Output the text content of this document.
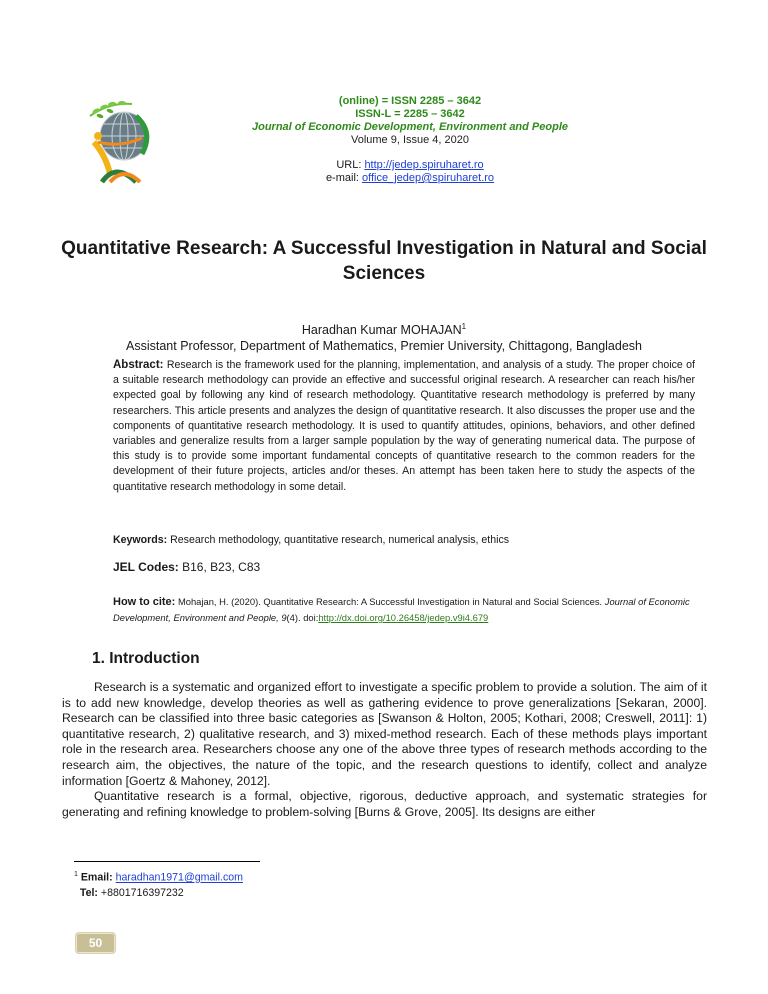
(online) = ISSN 2285 – 3642
ISSN-L = 2285 – 3642
Journal of Economic Development, Environment and People
Volume 9, Issue 4, 2020
URL: http://jedep.spiruharet.ro
e-mail: office_jedep@spiruharet.ro
Quantitative Research: A Successful Investigation in Natural and Social Sciences
Haradhan Kumar MOHAJAN$^1$
Assistant Professor, Department of Mathematics, Premier University, Chittagong, Bangladesh
Abstract: Research is the framework used for the planning, implementation, and analysis of a study. The proper choice of a suitable research methodology can provide an effective and successful original research. A researcher can reach his/her expected goal by following any kind of research methodology. Quantitative research methodology is preferred by many researchers. This article presents and analyzes the design of quantitative research. It also discusses the proper use and the components of quantitative research methodology. It is used to quantify attitudes, opinions, behaviors, and other defined variables and generalize results from a larger sample population by the way of generating numerical data. The purpose of this study is to provide some important fundamental concepts of quantitative research to the common readers for the development of their future projects, articles and/or theses. An attempt has been taken here to study the aspects of the quantitative research methodology in some detail.
Keywords: Research methodology, quantitative research, numerical analysis, ethics
JEL Codes: B16, B23, C83
How to cite: Mohajan, H. (2020). Quantitative Research: A Successful Investigation in Natural and Social Sciences. Journal of Economic Development, Environment and People, 9(4). doi:http://dx.doi.org/10.26458/jedep.v9i4.679
1. Introduction

Research is a systematic and organized effort to investigate a specific problem to provide a solution. The aim of it is to add new knowledge, develop theories as well as gathering evidence to prove generalizations [Sekaran, 2000]. Research can be classified into three basic categories as [Swanson & Holton, 2005; Kothari, 2008; Creswell, 2011]: 1) quantitative research, 2) qualitative research, and 3) mixed-method research. Each of these methods plays important role in the research area. Researchers choose any one of the above three types of research methods according to the research aim, the objectives, the nature of the topic, and the research questions to identify, collect and analyze information [Goertz & Mahoney, 2012].

Quantitative research is a formal, objective, rigorous, deductive approach, and systematic strategies for generating and refining knowledge to problem-solving [Burns & Grove, 2005]. Its designs are either

$^1$ Email: haradhan1971@gmail.com
Tel: +8801716397232
50
